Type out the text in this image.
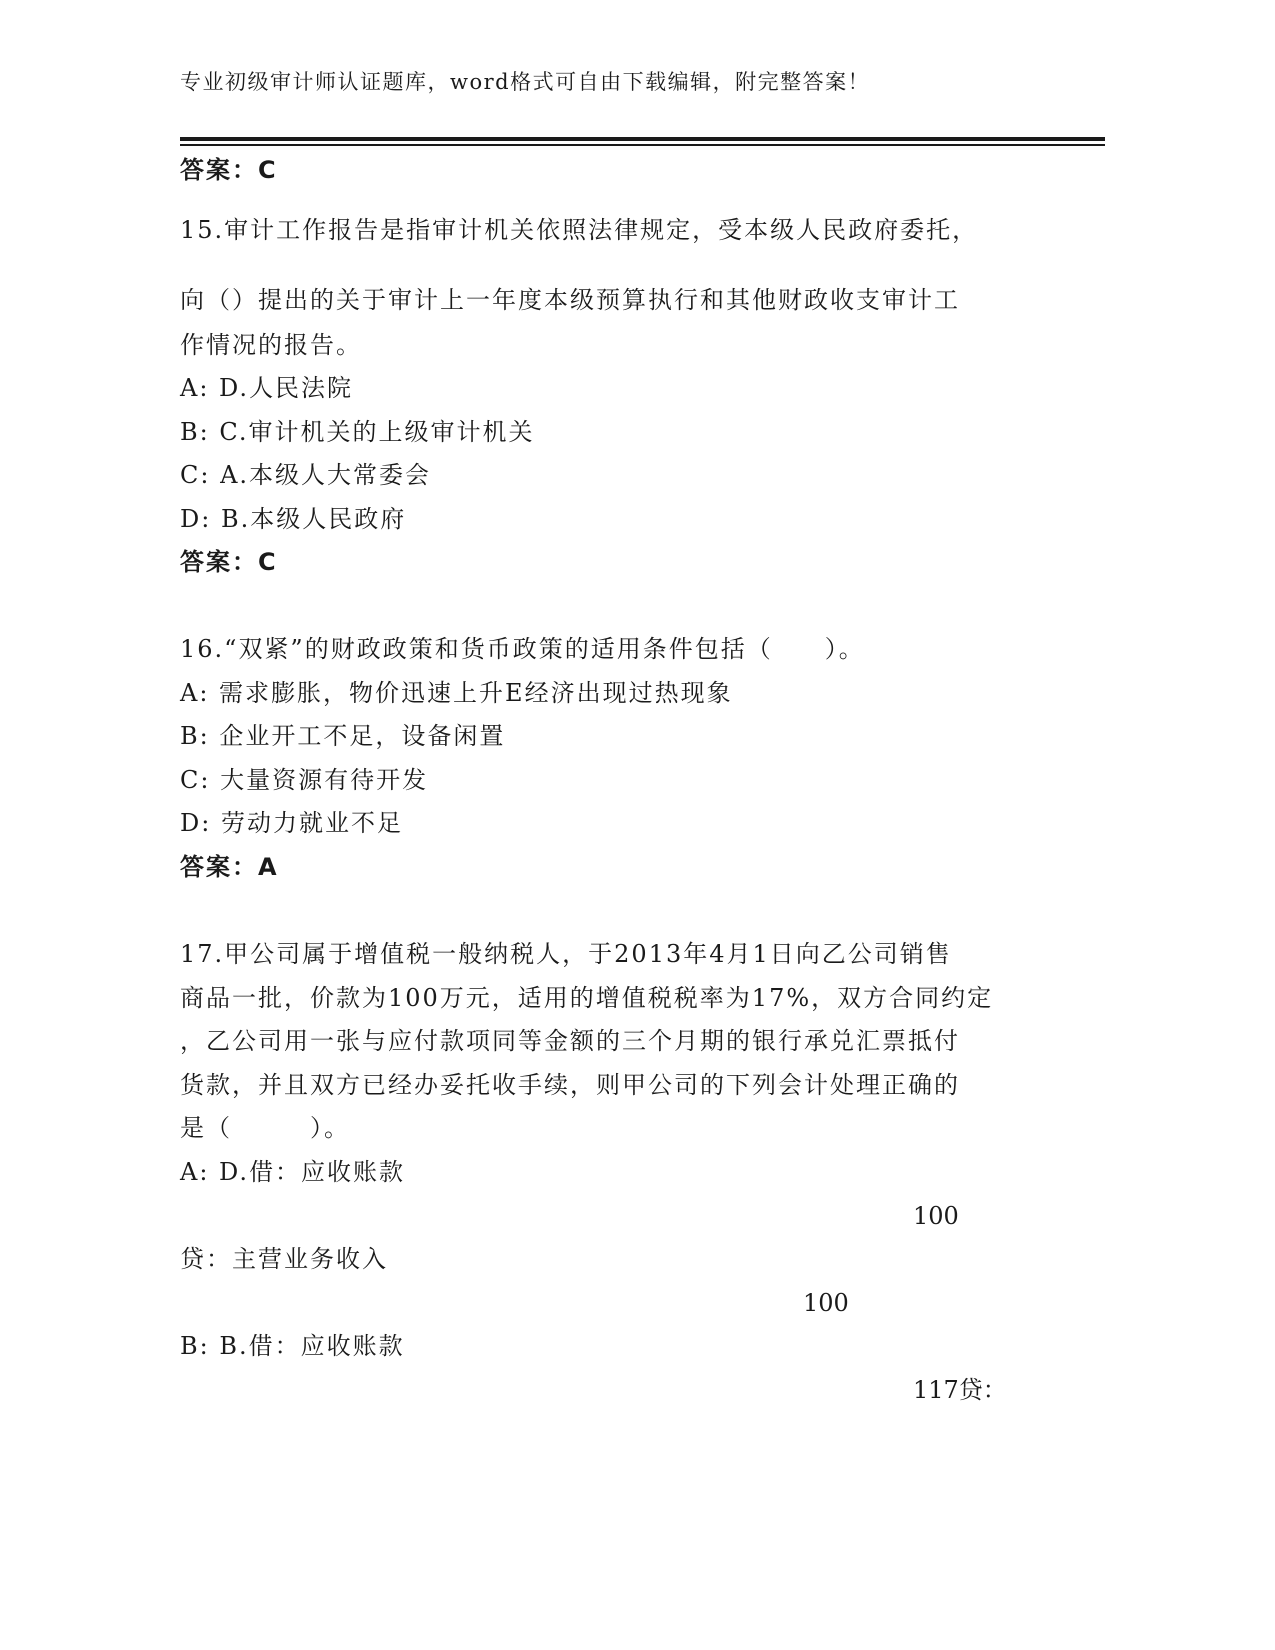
专业初级审计师认证题库，word格式可自由下载编辑，附完整答案！
答案：C
15.审计工作报告是指审计机关依照法律规定，受本级人民政府委托，
向（）提出的关于审计上一年度本级预算执行和其他财政收支审计工
作情况的报告。
A: D.人民法院
B: C.审计机关的上级审计机关
C: A.本级人大常委会
D: B.本级人民政府
答案：C
16.“双紧”的财政政策和货币政策的适用条件包括（　　）。
A: 需求膨胀，物价迅速上升E经济出现过热现象
B: 企业开工不足，设备闲置
C: 大量资源有待开发
D: 劳动力就业不足
答案：A
17.甲公司属于增值税一般纳税人，于2013年4月1日向乙公司销售
商品一批，价款为100万元，适用的增值税税率为17%，双方合同约定
，乙公司用一张与应付款项同等金额的三个月期的银行承兑汇票抵付
货款，并且双方已经办妥托收手续，则甲公司的下列会计处理正确的
是（　　　）。
A: D.借：应收账款
100
贷：主营业务收入
100
B: B.借：应收账款
117贷：
